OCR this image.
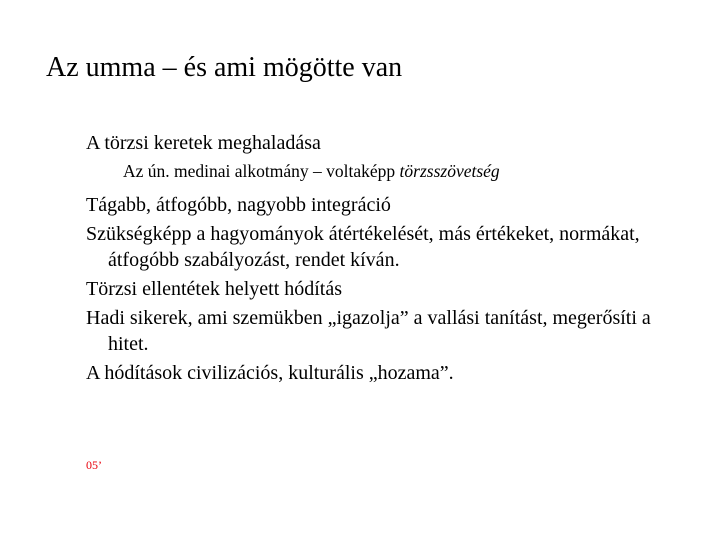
Az umma – és ami mögötte van

A törzsi keretek meghaladása

Az ún. medinai alkotmány – voltaképp törzsszövetség

Tágabb, átfogóbb, nagyobb integráció

Szükségképp a hagyományok átértékelését, más értékeket, normákat, átfogóbb szabályozást, rendet kíván.

Törzsi ellentétek helyett hódítás

Hadi sikerek, ami szemükben „igazolja” a vallási tanítást, megerősíti a hitet.

A hódítások civilizációs, kulturális „hozama”.

05’
